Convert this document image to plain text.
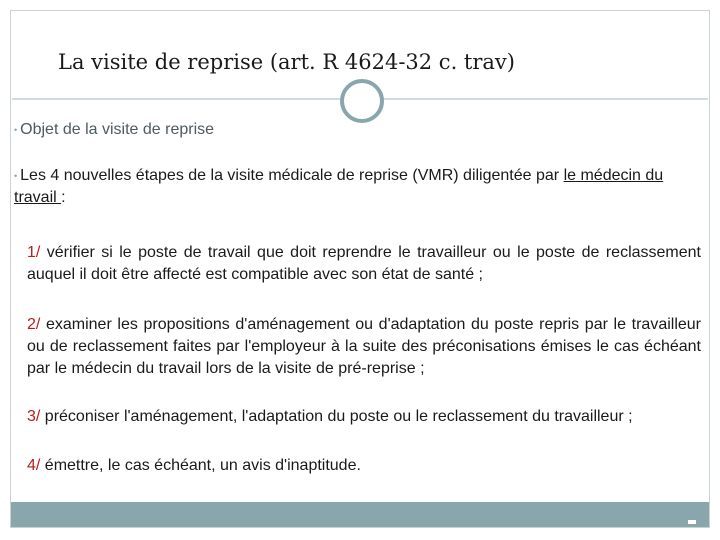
La visite de reprise (art. R 4624-32 c. trav)
• Objet de la visite de reprise
• Les 4 nouvelles étapes de la visite médicale de reprise (VMR) diligentée par le médecin du travail :
1/ vérifier si le poste de travail que doit reprendre le travailleur ou le poste de reclassement auquel il doit être affecté est compatible avec son état de santé ;
2/ examiner les propositions d'aménagement ou d'adaptation du poste repris par le travailleur ou de reclassement faites par l'employeur à la suite des préconisations émises le cas échéant par le médecin du travail lors de la visite de pré-reprise ;
3/ préconiser l'aménagement, l'adaptation du poste ou le reclassement du travailleur ;
4/ émettre, le cas échéant, un avis d'inaptitude.
